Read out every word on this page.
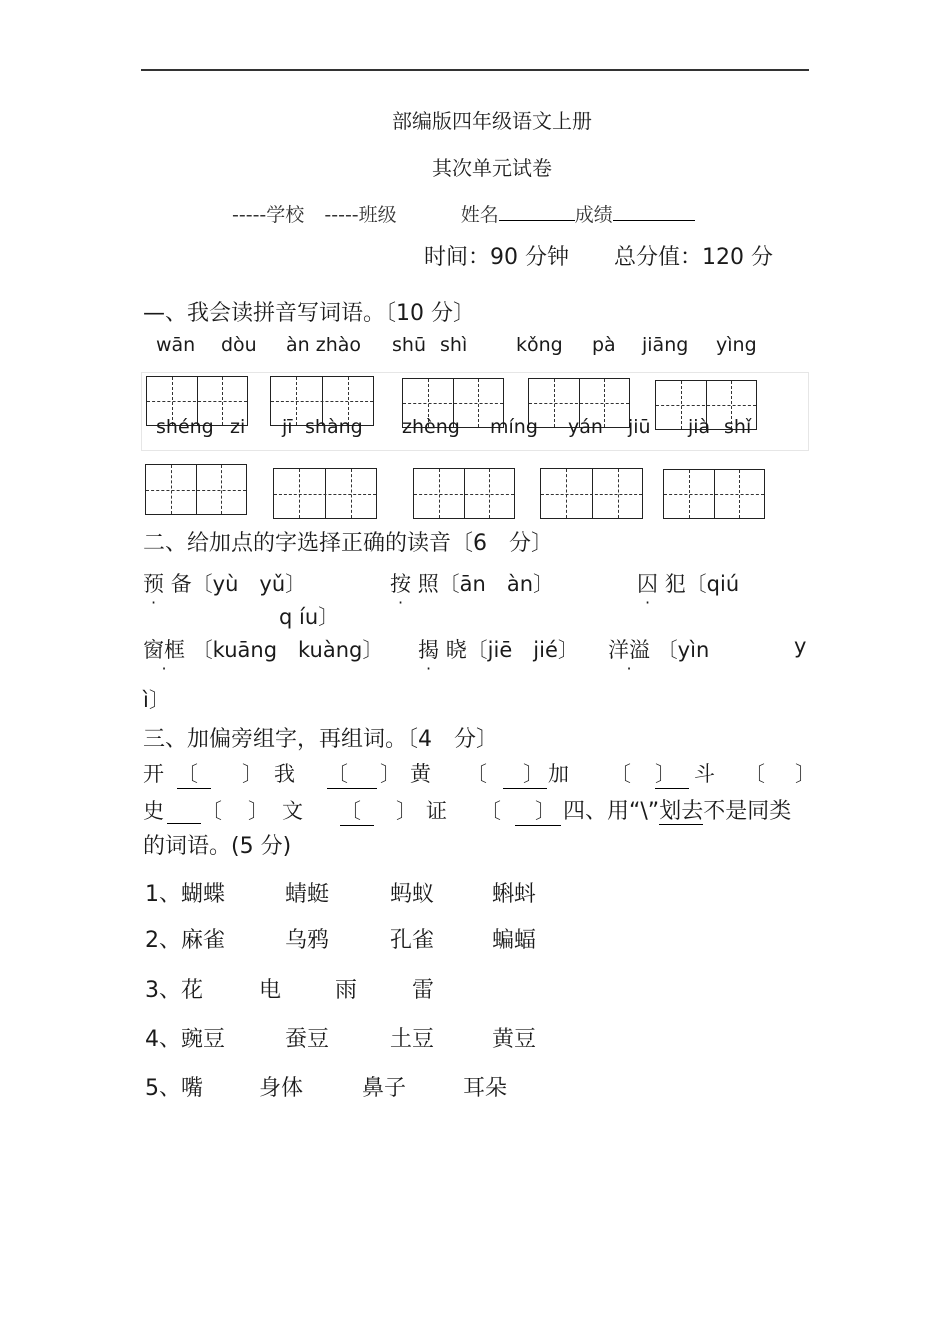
部编版四年级语文上册
其次单元试卷
-----学校 -----班级	姓名	成绩
时间：90 分钟 总分值：120 分
—、我会读拼音写词语。〔10 分〕
wān dòu àn zhào shū shì	kǒng pà jiāng yìng
shéng zi jī shàng zhèng míng yán jiū jià shǐ
二、给加点的字选择正确的读音〔6　分〕
预 备〔yù　yǔ〕	按 照〔ān　àn〕	囚 犯〔qiú
q íu〕
窗框 〔kuāng　kuàng〕 揭 晓〔jiē　jié〕 洋溢 〔yìn	y
ì〕
三、加偏旁组字，再组词。〔4　分〕
开 〔	〕 我 〔	〕 黄 〔	〕 加 〔 〕 斗 〔 〕
史	〔 〕 文 〔	〕 证 〔	〕 四、用“\”划去不是同类
的词语。(5 分)
1、蝴蝶	蜻蜓	蚂蚁	蝌蚪
2、麻雀	乌鸦	孔雀	蝙蝠
3、花	电 雨 雷
4、豌豆	蚕豆	土豆	黄豆
5、嘴	身体	鼻子	耳朵
